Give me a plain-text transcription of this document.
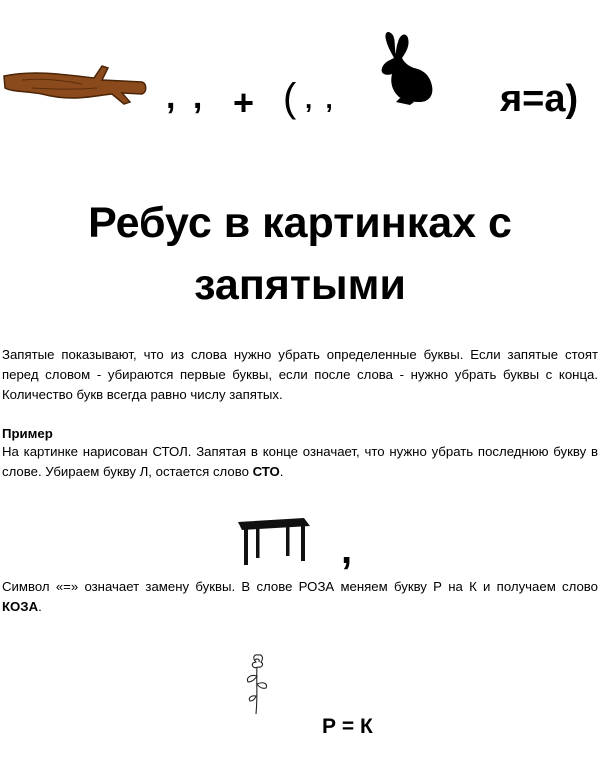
, , + ( , ,	я=а)
Ребус в картинках с
запятыми
Запятые показывают, что из слова нужно убрать определенные буквы. Если запятые стоят перед словом - убираются первые буквы, если после слова - нужно убрать буквы с конца. Количество букв всегда равно числу запятых.
Пример
На картинке нарисован СТОЛ. Запятая в конце означает, что нужно убрать последнюю букву в слове. Убираем букву Л, остается слово СТО.
,
Символ «=» означает замену буквы. В слове РОЗА меняем букву Р на К и получаем слово КОЗА.
Р = К
